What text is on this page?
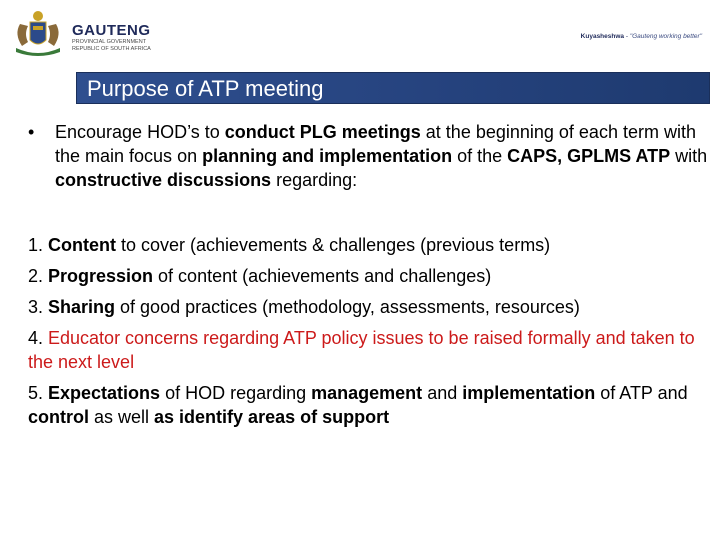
GAUTENG
PROVINCIAL GOVERNMENT
REPUBLIC OF SOUTH AFRICA
Kuyasheshwa - "Gauteng working better"
Purpose of ATP meeting
• Encourage HOD’s to conduct PLG meetings at the beginning of each term with the main focus on planning and implementation of the CAPS, GPLMS ATP with constructive discussions regarding:
1. Content to cover (achievements & challenges (previous terms)
2. Progression of content (achievements and challenges)
3. Sharing of good practices (methodology, assessments, resources)
4. Educator concerns regarding ATP policy issues to be raised formally and taken to the next level
5. Expectations of HOD regarding management and implementation of ATP and control as well as identify areas of support
